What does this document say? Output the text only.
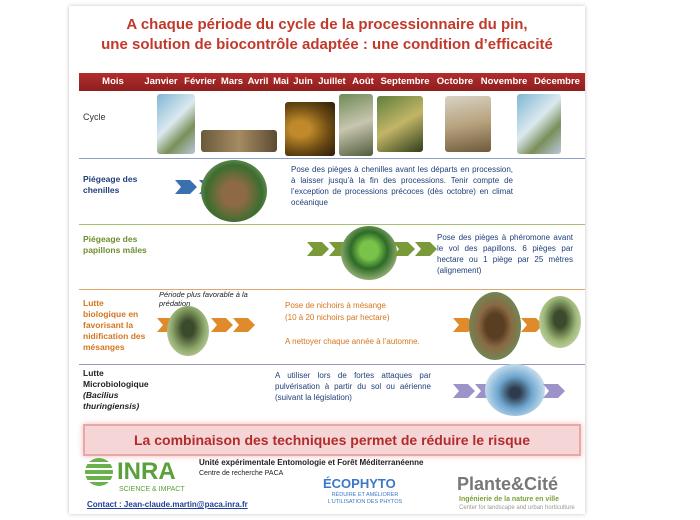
A chaque période du cycle de la processionnaire du pin,
une solution de biocontrôle adaptée : une condition d’efficacité
Mois	Janvier Février Mars Avril Mai Juin Juillet Août Septembre Octobre Novembre Décembre
Cycle
Piégeage des chenilles
Pose des pièges à chenilles avant les départs en procession, à laisser jusqu’à la fin des processions. Tenir compte de l’exception de processions précoces (dès octobre) en climat océanique
Piégeage des papillons mâles
Pose des pièges à phéromone avant le vol des papillons. 6 pièges par hectare ou 1 piège par 25 mètres (alignement)
Lutte biologique en favorisant la nidification des mésanges
Période plus favorable à la prédation	Pose de nichoirs à mésange
(10 à 20 nichoirs par hectare)
A nettoyer chaque année à l’automne.
Lutte
Microbiologique
(Bacilius thuringiensis)
A utiliser lors de fortes attaques par pulvérisation à partir du sol ou aérienne (suivant la législation)
La combinaison des techniques permet de réduire le risque
INRA
SCIENCE & IMPACT
Unité expérimentale Entomologie et Forêt Méditerranéenne
Centre de recherche PACA
Contact : Jean-claude.martin@paca.inra.fr
ÉCOPHYTO
RÉDUIRE ET AMÉLIORER L’UTILISATION DES PHYTOS
Plante&Cité
Ingénierie de la nature en ville
Center for landscape and urban horticulture
